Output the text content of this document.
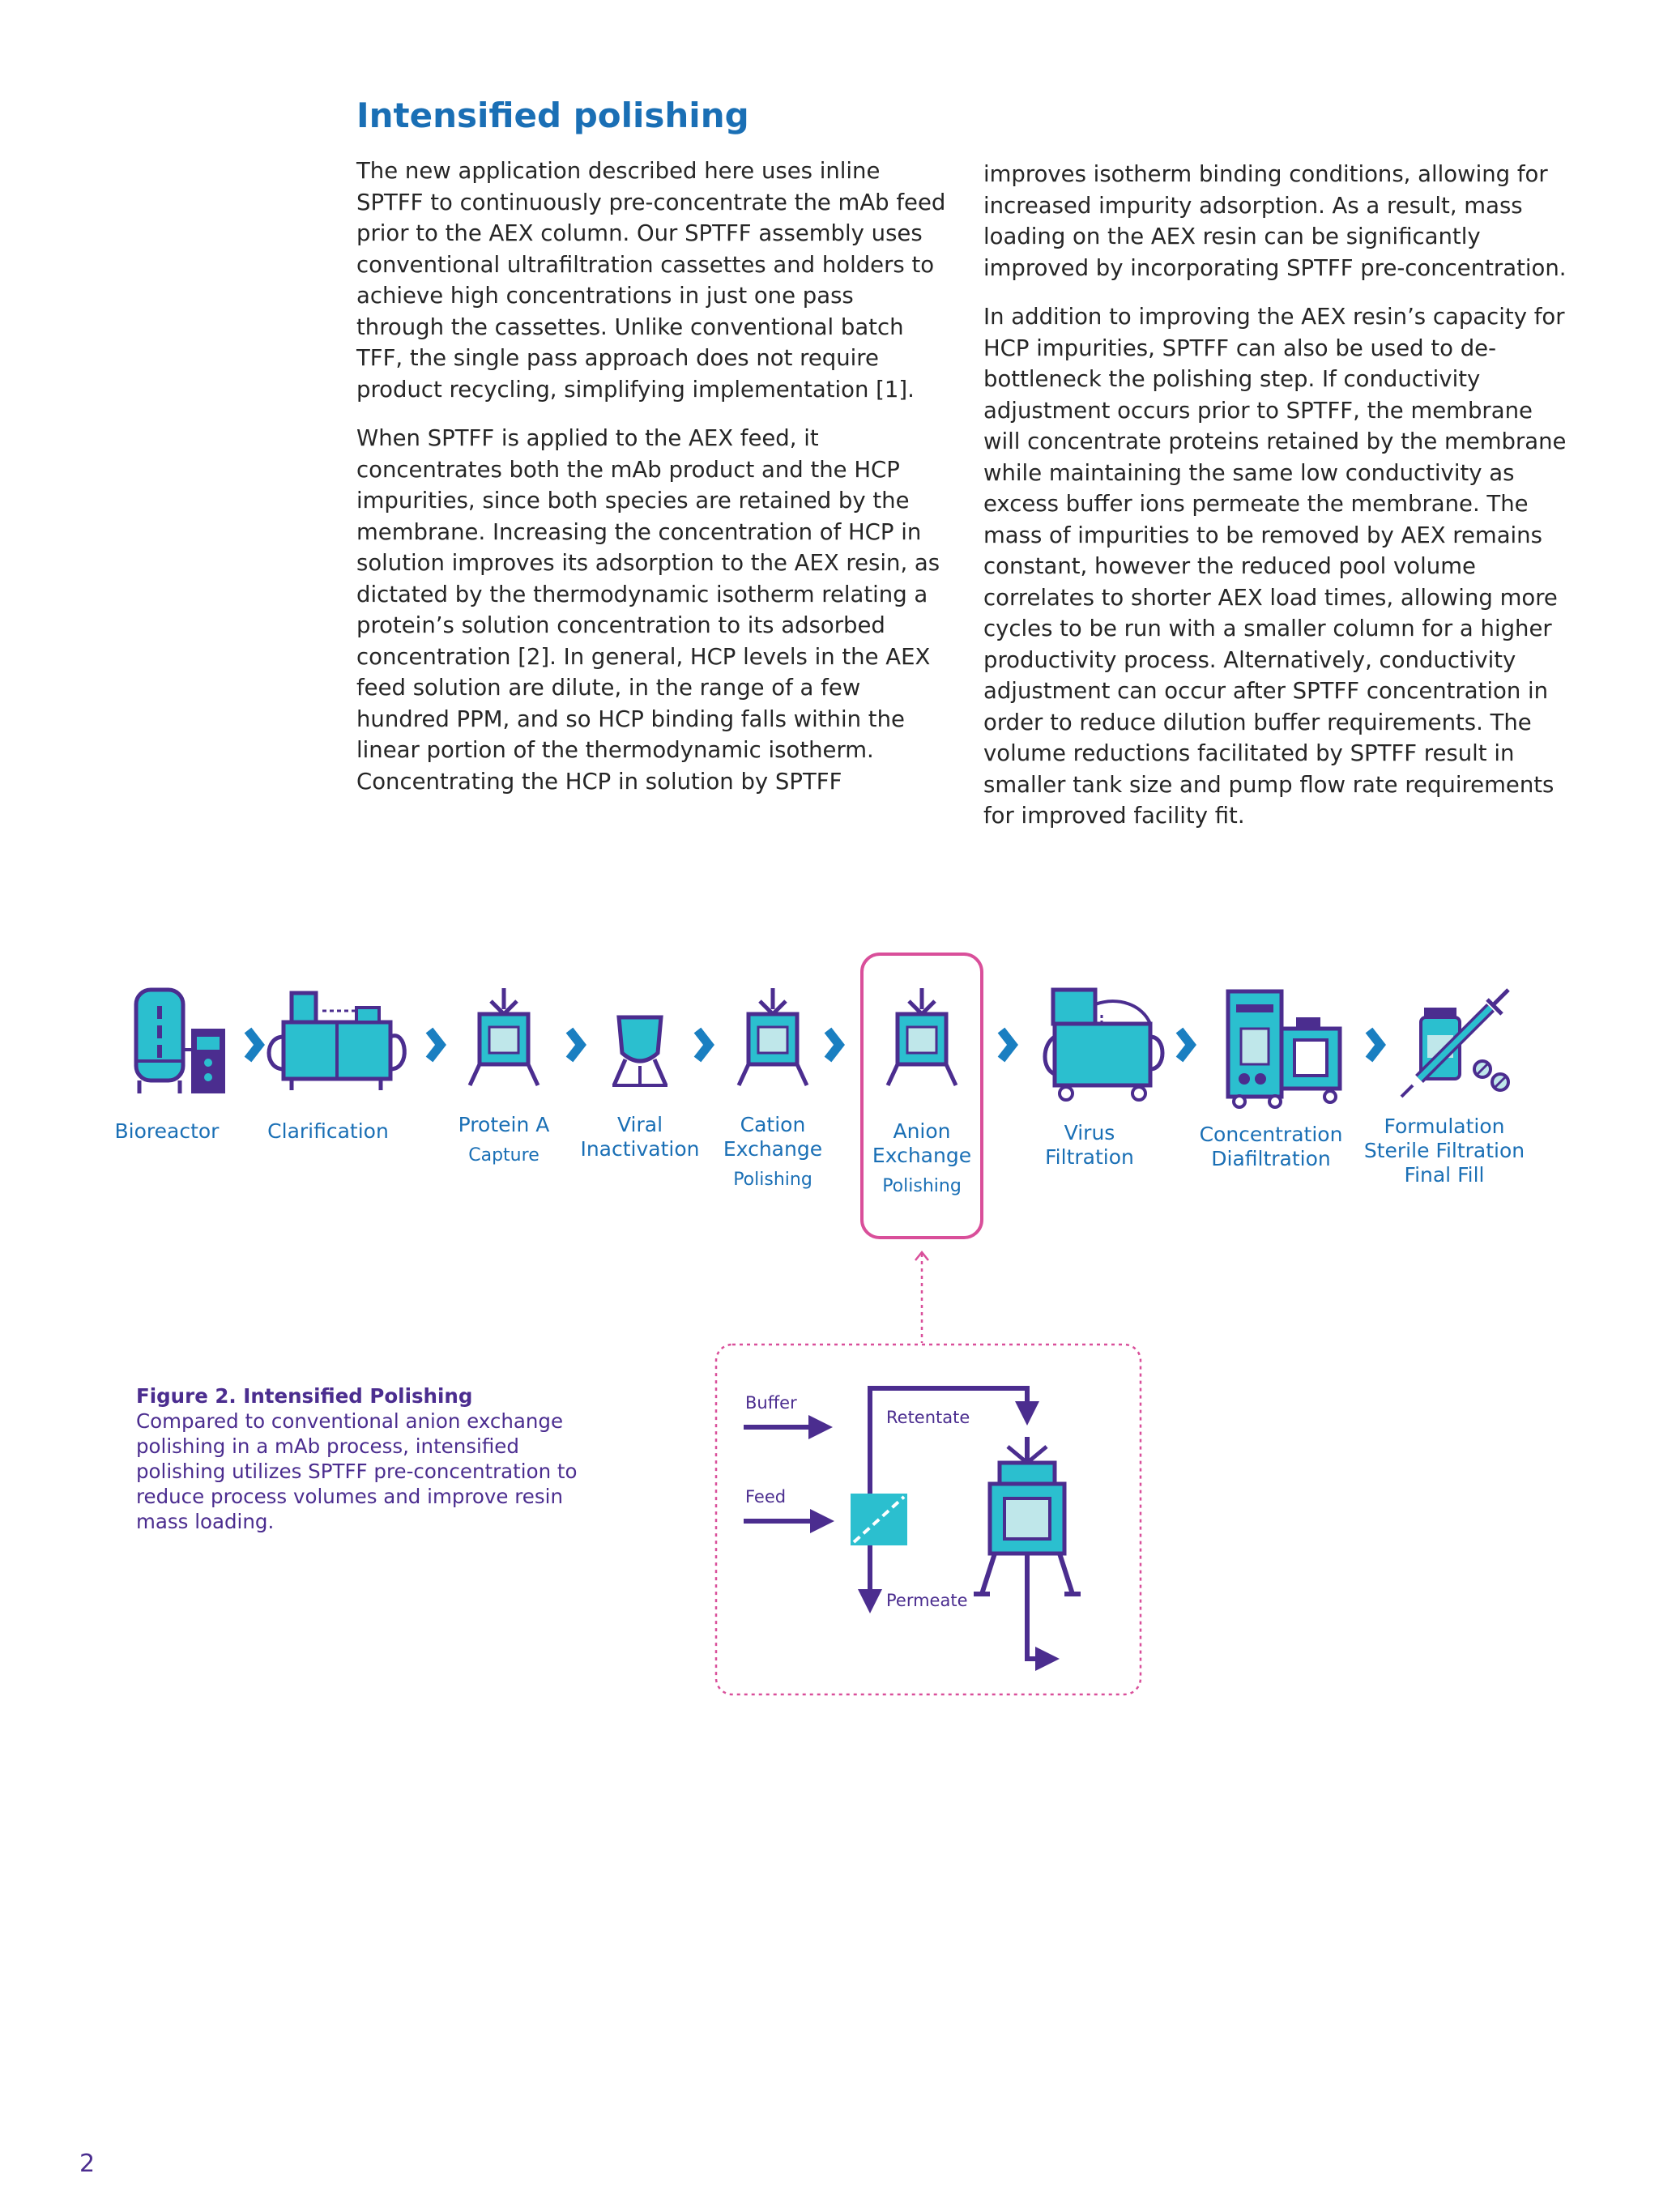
Intensified polishing

The new application described here uses inline SPTFF to continuously pre-concentrate the mAb feed prior to the AEX column. Our SPTFF assembly uses conventional ultrafiltration cassettes and holders to achieve high concentrations in just one pass through the cassettes. Unlike conventional batch TFF, the single pass approach does not require product recycling, simplifying implementation [1].

When SPTFF is applied to the AEX feed, it concentrates both the mAb product and the HCP impurities, since both species are retained by the membrane. Increasing the concentration of HCP in solution improves its adsorption to the AEX resin, as dictated by the thermodynamic isotherm relating a protein’s solution concentration to its adsorbed concentration [2]. In general, HCP levels in the AEX feed solution are dilute, in the range of a few hundred PPM, and so HCP binding falls within the linear portion of the thermodynamic isotherm. Concentrating the HCP in solution by SPTFF

improves isotherm binding conditions, allowing for increased impurity adsorption. As a result, mass loading on the AEX resin can be significantly improved by incorporating SPTFF pre-concentration.

In addition to improving the AEX resin’s capacity for HCP impurities, SPTFF can also be used to de-bottleneck the polishing step. If conductivity adjustment occurs prior to SPTFF, the membrane will concentrate proteins retained by the membrane while maintaining the same low conductivity as excess buffer ions permeate the membrane. The mass of impurities to be removed by AEX remains constant, however the reduced pool volume correlates to shorter AEX load times, allowing more cycles to be run with a smaller column for a higher productivity process. Alternatively, conductivity adjustment can occur after SPTFF concentration in order to reduce dilution buffer requirements. The volume reductions facilitated by SPTFF result in smaller tank size and pump flow rate requirements for improved facility fit.

Bioreactor	Clarification	Protein A
Capture
Viral
Inactivation
Cation
Exchange
Polishing
Anion
Exchange
Polishing
Virus
Filtration
Concentration
Diafiltration
Formulation
Sterile Filtration
Final Fill
Buffer
Feed
Retentate
Permeate
Figure 2. Intensified Polishing
Compared to conventional anion exchange polishing in a mAb process, intensified polishing utilizes SPTFF pre-concentration to reduce process volumes and improve resin mass loading.
2
